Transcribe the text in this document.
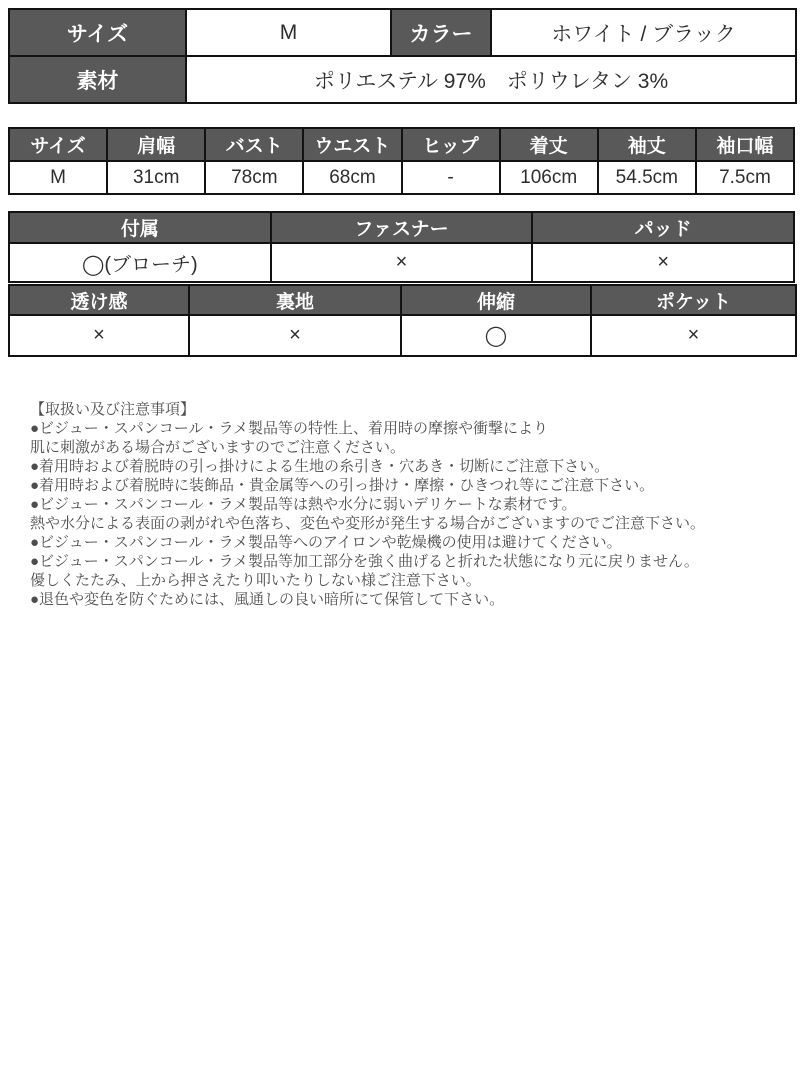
サイズ	M	カラー	ホワイト / ブラック
素材	ポリエステル 97%　ポリウレタン 3%		
サイズ	肩幅	バスト	ウエスト	ヒップ	着丈	袖丈	袖口幅
M	31cm	78cm	68cm	-	106cm	54.5cm	7.5cm
付属	ファスナー	パッド
◯(ブローチ)	×	×
透け感	裏地	伸縮	ポケット
×	×	◯	×
【取扱い及び注意事項】
●ビジュー・スパンコール・ラメ製品等の特性上、着用時の摩擦や衝撃により
肌に刺激がある場合がございますのでご注意ください。
●着用時および着脱時の引っ掛けによる生地の糸引き・穴あき・切断にご注意下さい。
●着用時および着脱時に装飾品・貴金属等への引っ掛け・摩擦・ひきつれ等にご注意下さい。
●ビジュー・スパンコール・ラメ製品等は熱や水分に弱いデリケートな素材です。
熱や水分による表面の剥がれや色落ち、変色や変形が発生する場合がございますのでご注意下さい。
●ビジュー・スパンコール・ラメ製品等へのアイロンや乾燥機の使用は避けてください。
●ビジュー・スパンコール・ラメ製品等加工部分を強く曲げると折れた状態になり元に戻りません。
優しくたたみ、上から押さえたり叩いたりしない様ご注意下さい。
●退色や変色を防ぐためには、風通しの良い暗所にて保管して下さい。
